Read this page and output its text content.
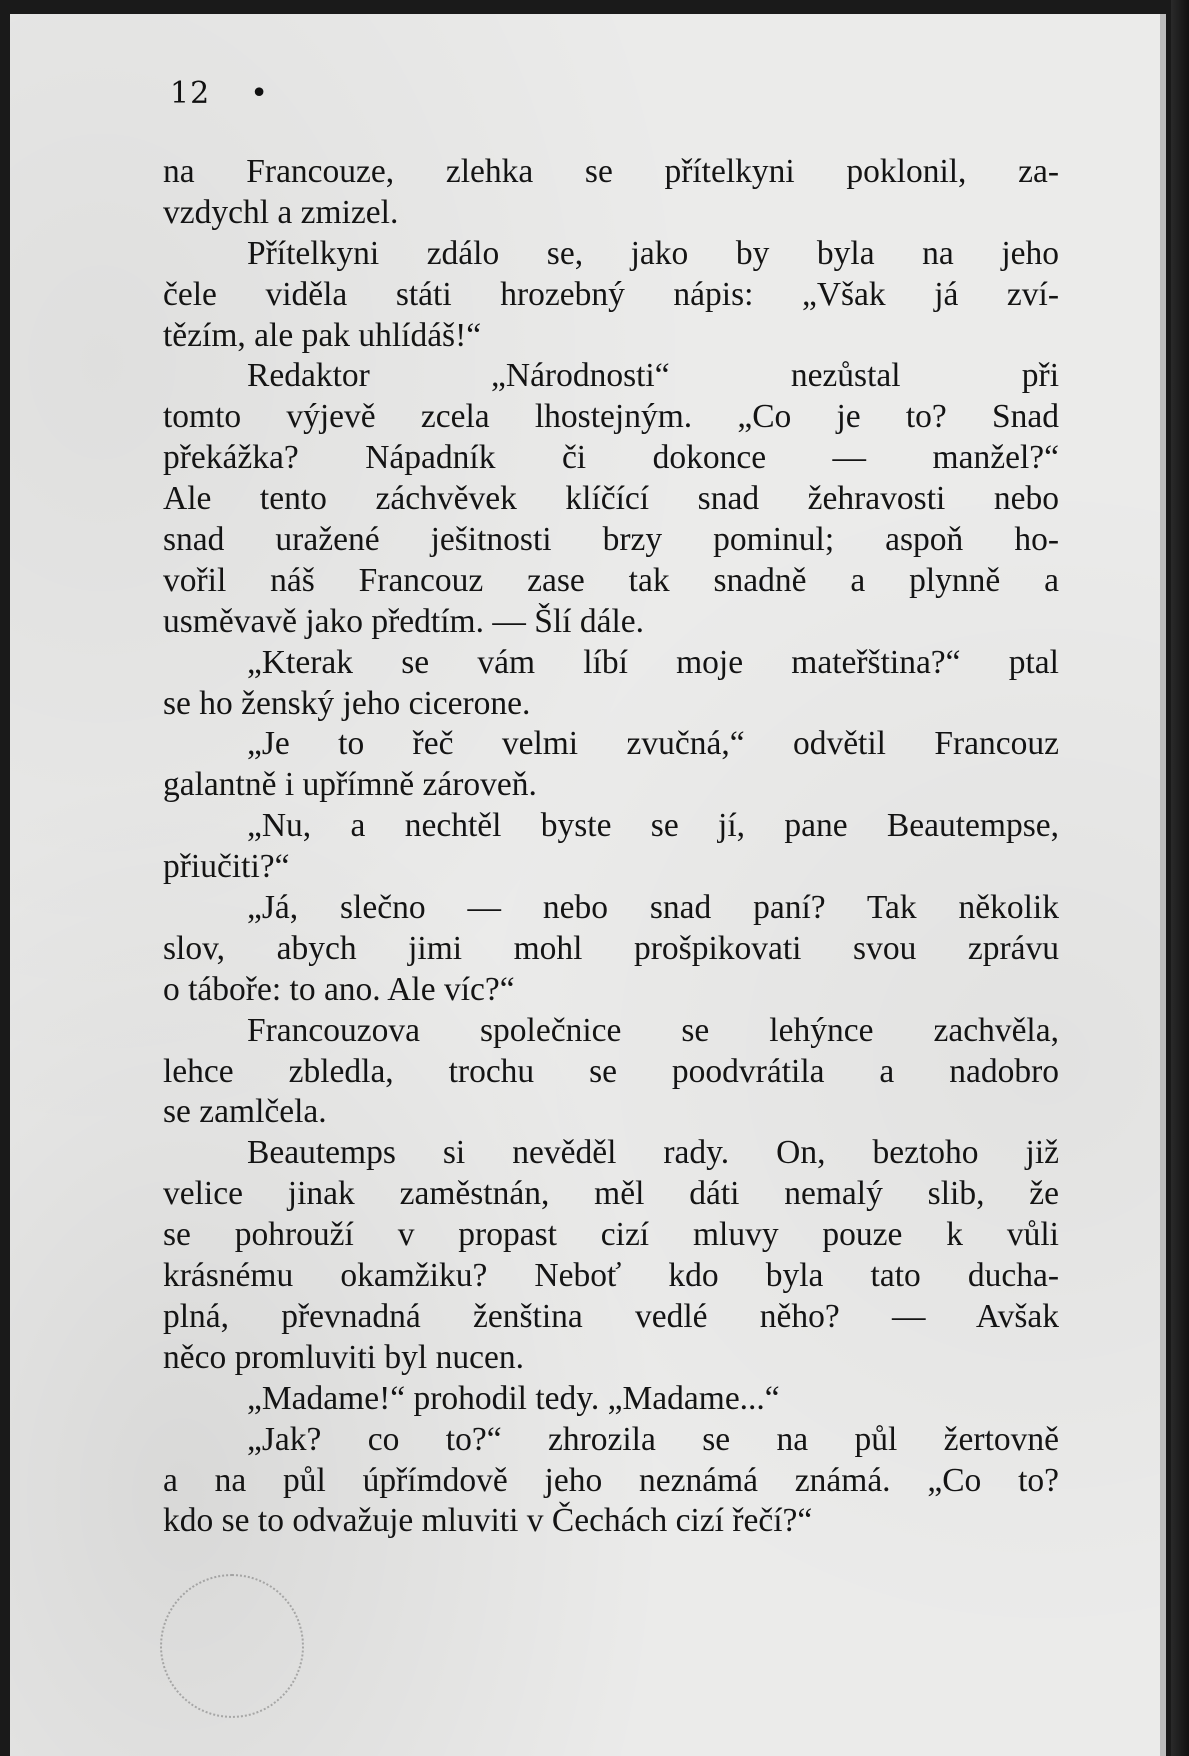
12 •
na Francouze, zlehka se přítelkyni poklonil, za-
vzdychl a zmizel.
Přítelkyni zdálo se, jako by byla na jeho
čele viděla státi hrozebný nápis: „Však já zví-
tězím, ale pak uhlídáš!“
Redaktor „Národnosti“ nezůstal při
tomto výjevě zcela lhostejným. „Co je to? Snad
překážka? Nápadník či dokonce — manžel?“
Ale tento záchvěvek klíčící snad žehravosti nebo
snad uražené ješitnosti brzy pominul; aspoň ho-
vořil náš Francouz zase tak snadně a plynně a
usměvavě jako předtím. — Šlí dále.
„Kterak se vám líbí moje mateřština?“ ptal
se ho ženský jeho cicerone.
„Je to řeč velmi zvučná,“ odvětil Francouz
galantně i upřímně zároveň.
„Nu, a nechtěl byste se jí, pane Beautempse,
přiučiti?“
„Já, slečno — nebo snad paní? Tak několik
slov, abych jimi mohl prošpikovati svou zprávu
o táboře: to ano. Ale víc?“
Francouzova společnice se lehýnce zachvěla,
lehce zbledla, trochu se poodvrátila a nadobro
se zamlčela.
Beautemps si nevěděl rady. On, beztoho již
velice jinak zaměstnán, měl dáti nemalý slib, že
se pohrouží v propast cizí mluvy pouze k vůli
krásnému okamžiku? Neboť kdo byla tato ducha-
plná, převnadná ženština vedlé něho? — Avšak
něco promluviti byl nucen.
„Madame!“ prohodil tedy. „Madame...“
„Jak? co to?“ zhrozila se na půl žertovně
a na půl úpřímdově jeho neznámá známá. „Co to?
kdo se to odvažuje mluviti v Čechách cizí řečí?“
